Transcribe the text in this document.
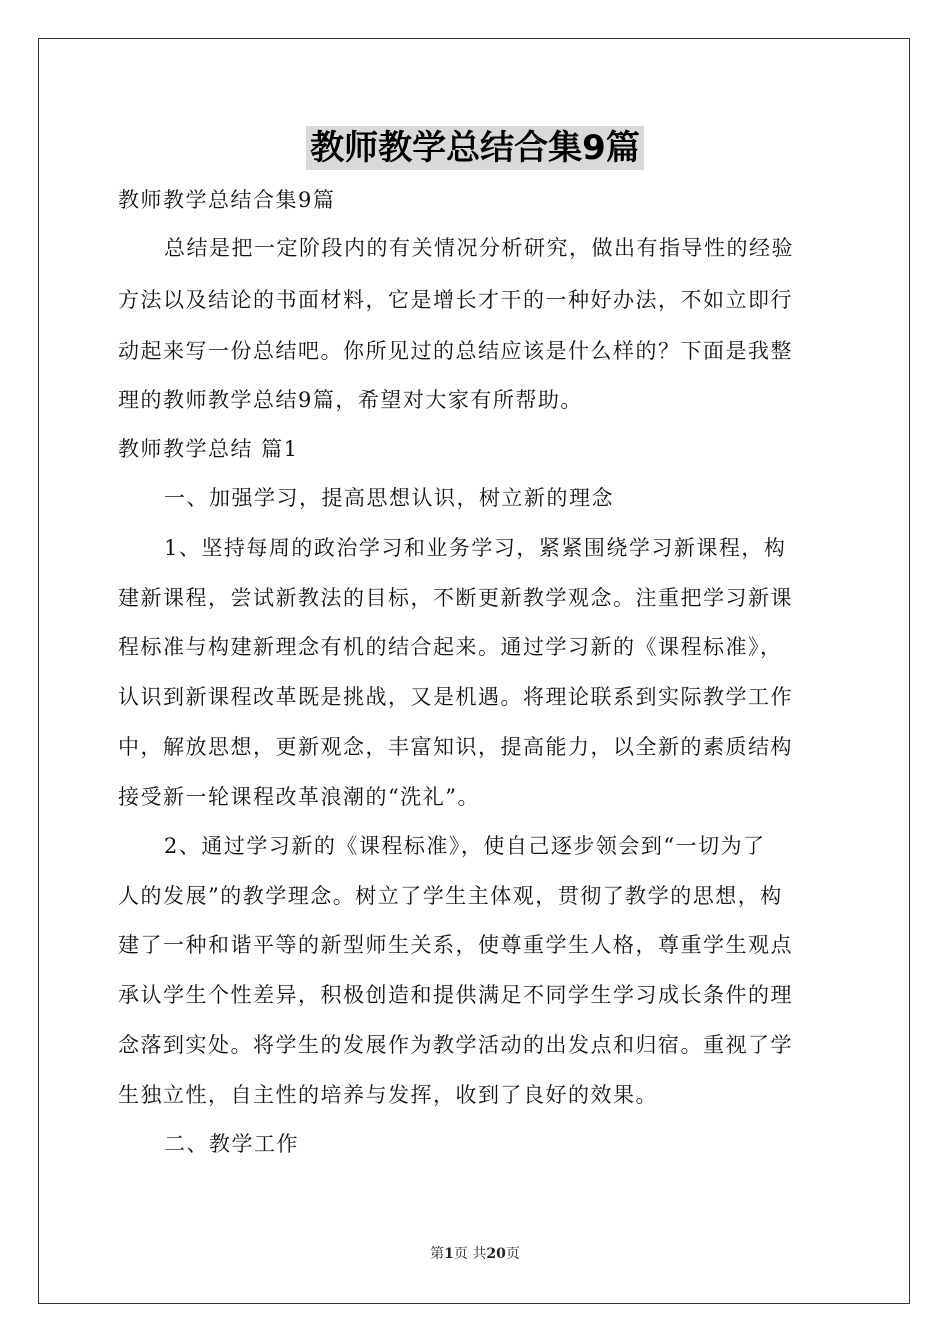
教师教学总结合集9篇
教师教学总结合集9篇
总结是把一定阶段内的有关情况分析研究，做出有指导性的经验
方法以及结论的书面材料，它是增长才干的一种好办法，不如立即行
动起来写一份总结吧。你所见过的总结应该是什么样的？下面是我整
理的教师教学总结9篇，希望对大家有所帮助。
教师教学总结 篇1
一、加强学习，提高思想认识，树立新的理念
1、坚持每周的政治学习和业务学习，紧紧围绕学习新课程，构
建新课程，尝试新教法的目标，不断更新教学观念。注重把学习新课
程标准与构建新理念有机的结合起来。通过学习新的《课程标准》，
认识到新课程改革既是挑战，又是机遇。将理论联系到实际教学工作
中，解放思想，更新观念，丰富知识，提高能力，以全新的素质结构
接受新一轮课程改革浪潮的“洗礼”。
2、通过学习新的《课程标准》，使自己逐步领会到“一切为了
人的发展”的教学理念。树立了学生主体观，贯彻了教学的思想，构
建了一种和谐平等的新型师生关系，使尊重学生人格，尊重学生观点
承认学生个性差异，积极创造和提供满足不同学生学习成长条件的理
念落到实处。将学生的发展作为教学活动的出发点和归宿。重视了学
生独立性，自主性的培养与发挥，收到了良好的效果。
二、教学工作
第1页 共20页
